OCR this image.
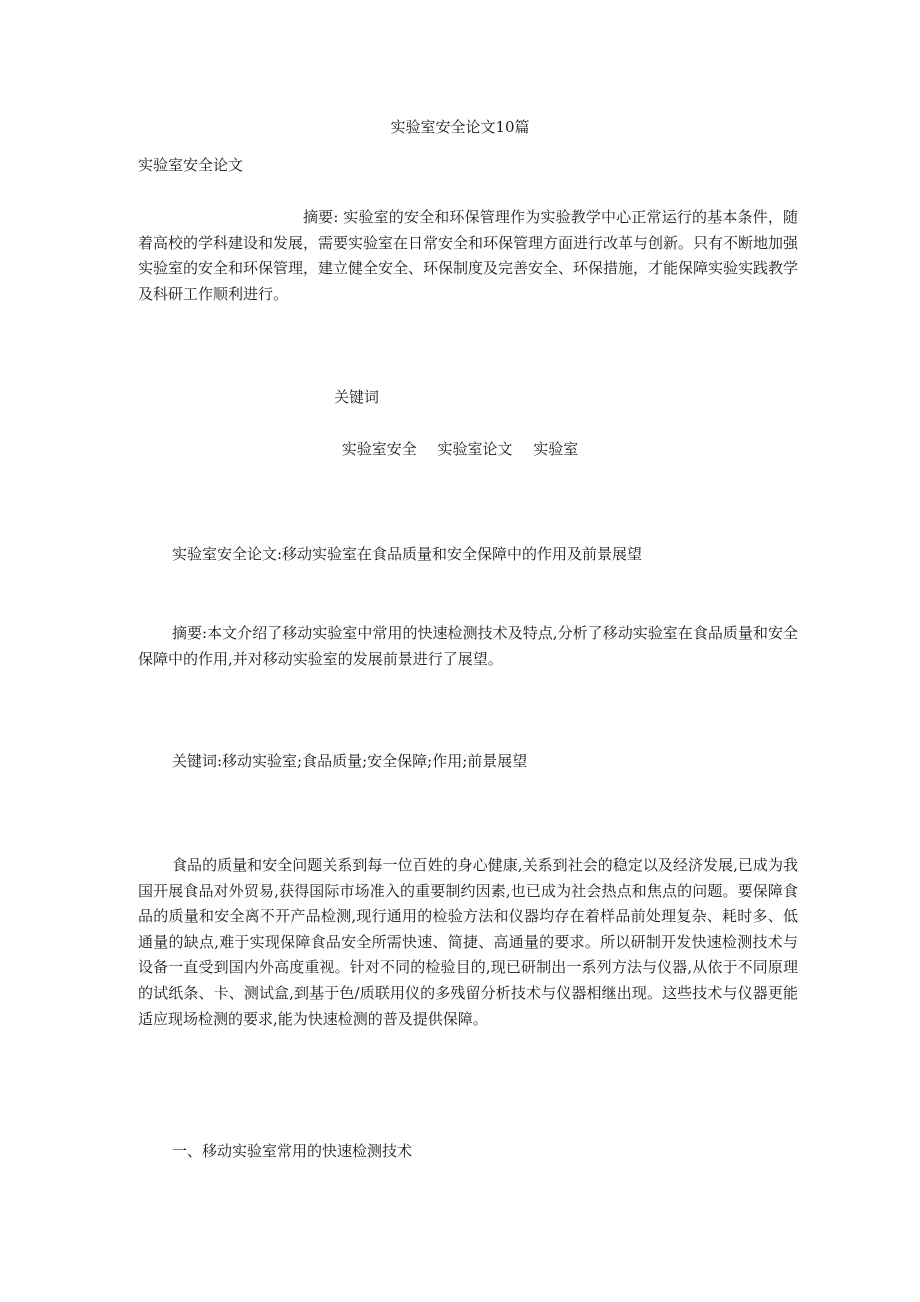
实验室安全论文10篇

实验室安全论文

摘要: 实验室的安全和环保管理作为实验教学中心正常运行的基本条件，随着高校的学科建设和发展，需要实验室在日常安全和环保管理方面进行改革与创新。只有不断地加强实验室的安全和环保管理，建立健全安全、环保制度及完善安全、环保措施，才能保障实验实践教学及科研工作顺利进行。

关键词

实验室安全 实验室论文 实验室

实验室安全论文:移动实验室在食品质量和安全保障中的作用及前景展望

摘要:本文介绍了移动实验室中常用的快速检测技术及特点,分析了移动实验室在食品质量和安全保障中的作用,并对移动实验室的发展前景进行了展望。

关键词:移动实验室;食品质量;安全保障;作用;前景展望

食品的质量和安全问题关系到每一位百姓的身心健康,关系到社会的稳定以及经济发展,已成为我国开展食品对外贸易,获得国际市场准入的重要制约因素,也已成为社会热点和焦点的问题。要保障食品的质量和安全离不开产品检测,现行通用的检验方法和仪器均存在着样品前处理复杂、耗时多、低通量的缺点,难于实现保障食品安全所需快速、简捷、高通量的要求。所以研制开发快速检测技术与设备一直受到国内外高度重视。针对不同的检验目的,现已研制出一系列方法与仪器,从依于不同原理的试纸条、卡、测试盒,到基于色/质联用仪的多残留分析技术与仪器相继出现。这些技术与仪器更能适应现场检测的要求,能为快速检测的普及提供保障。

一、移动实验室常用的快速检测技术
